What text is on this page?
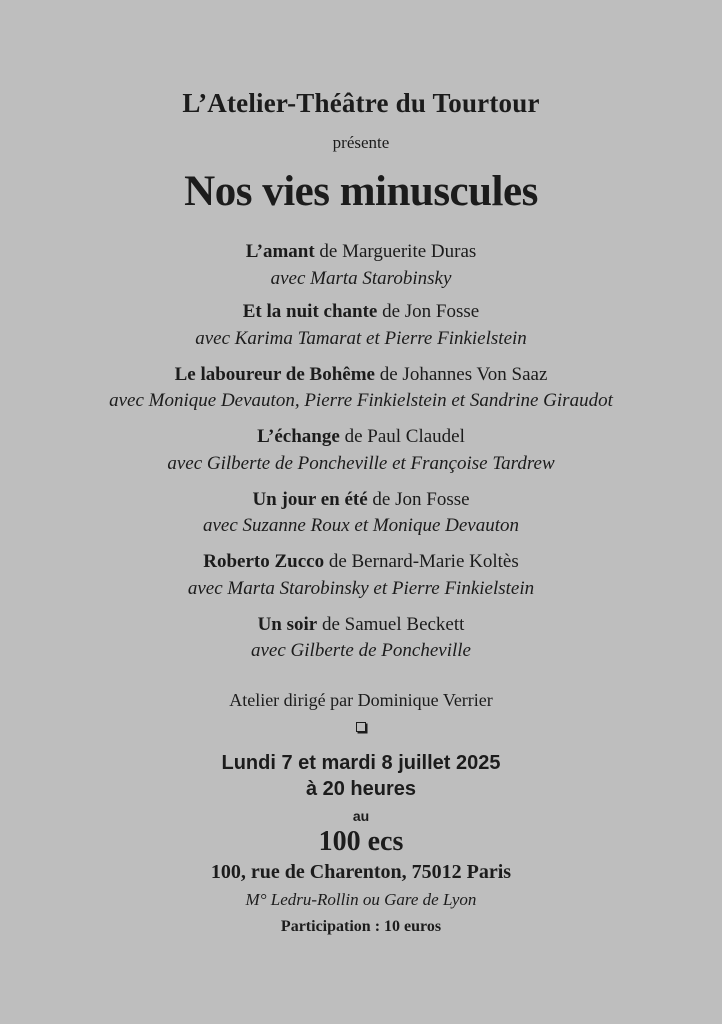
L’Atelier-Théâtre du Tourtour
présente
Nos vies minuscules
L’amant de Marguerite Duras
avec Marta Starobinsky
Et la nuit chante de Jon Fosse
avec Karima Tamarat et Pierre Finkielstein
Le laboureur de Bohême de Johannes Von Saaz
avec Monique Devauton, Pierre Finkielstein et Sandrine Giraudot
L’échange de Paul Claudel
avec Gilberte de Poncheville et Françoise Tardrew
Un jour en été de Jon Fosse
avec Suzanne Roux et Monique Devauton
Roberto Zucco de Bernard-Marie Koltès
avec Marta Starobinsky et Pierre Finkielstein
Un soir de Samuel Beckett
avec Gilberte de Poncheville
Atelier dirigé par Dominique Verrier
Lundi 7 et mardi 8 juillet 2025
à 20 heures
au
100 ecs
100, rue de Charenton, 75012 Paris
M° Ledru-Rollin ou Gare de Lyon
Participation : 10 euros
